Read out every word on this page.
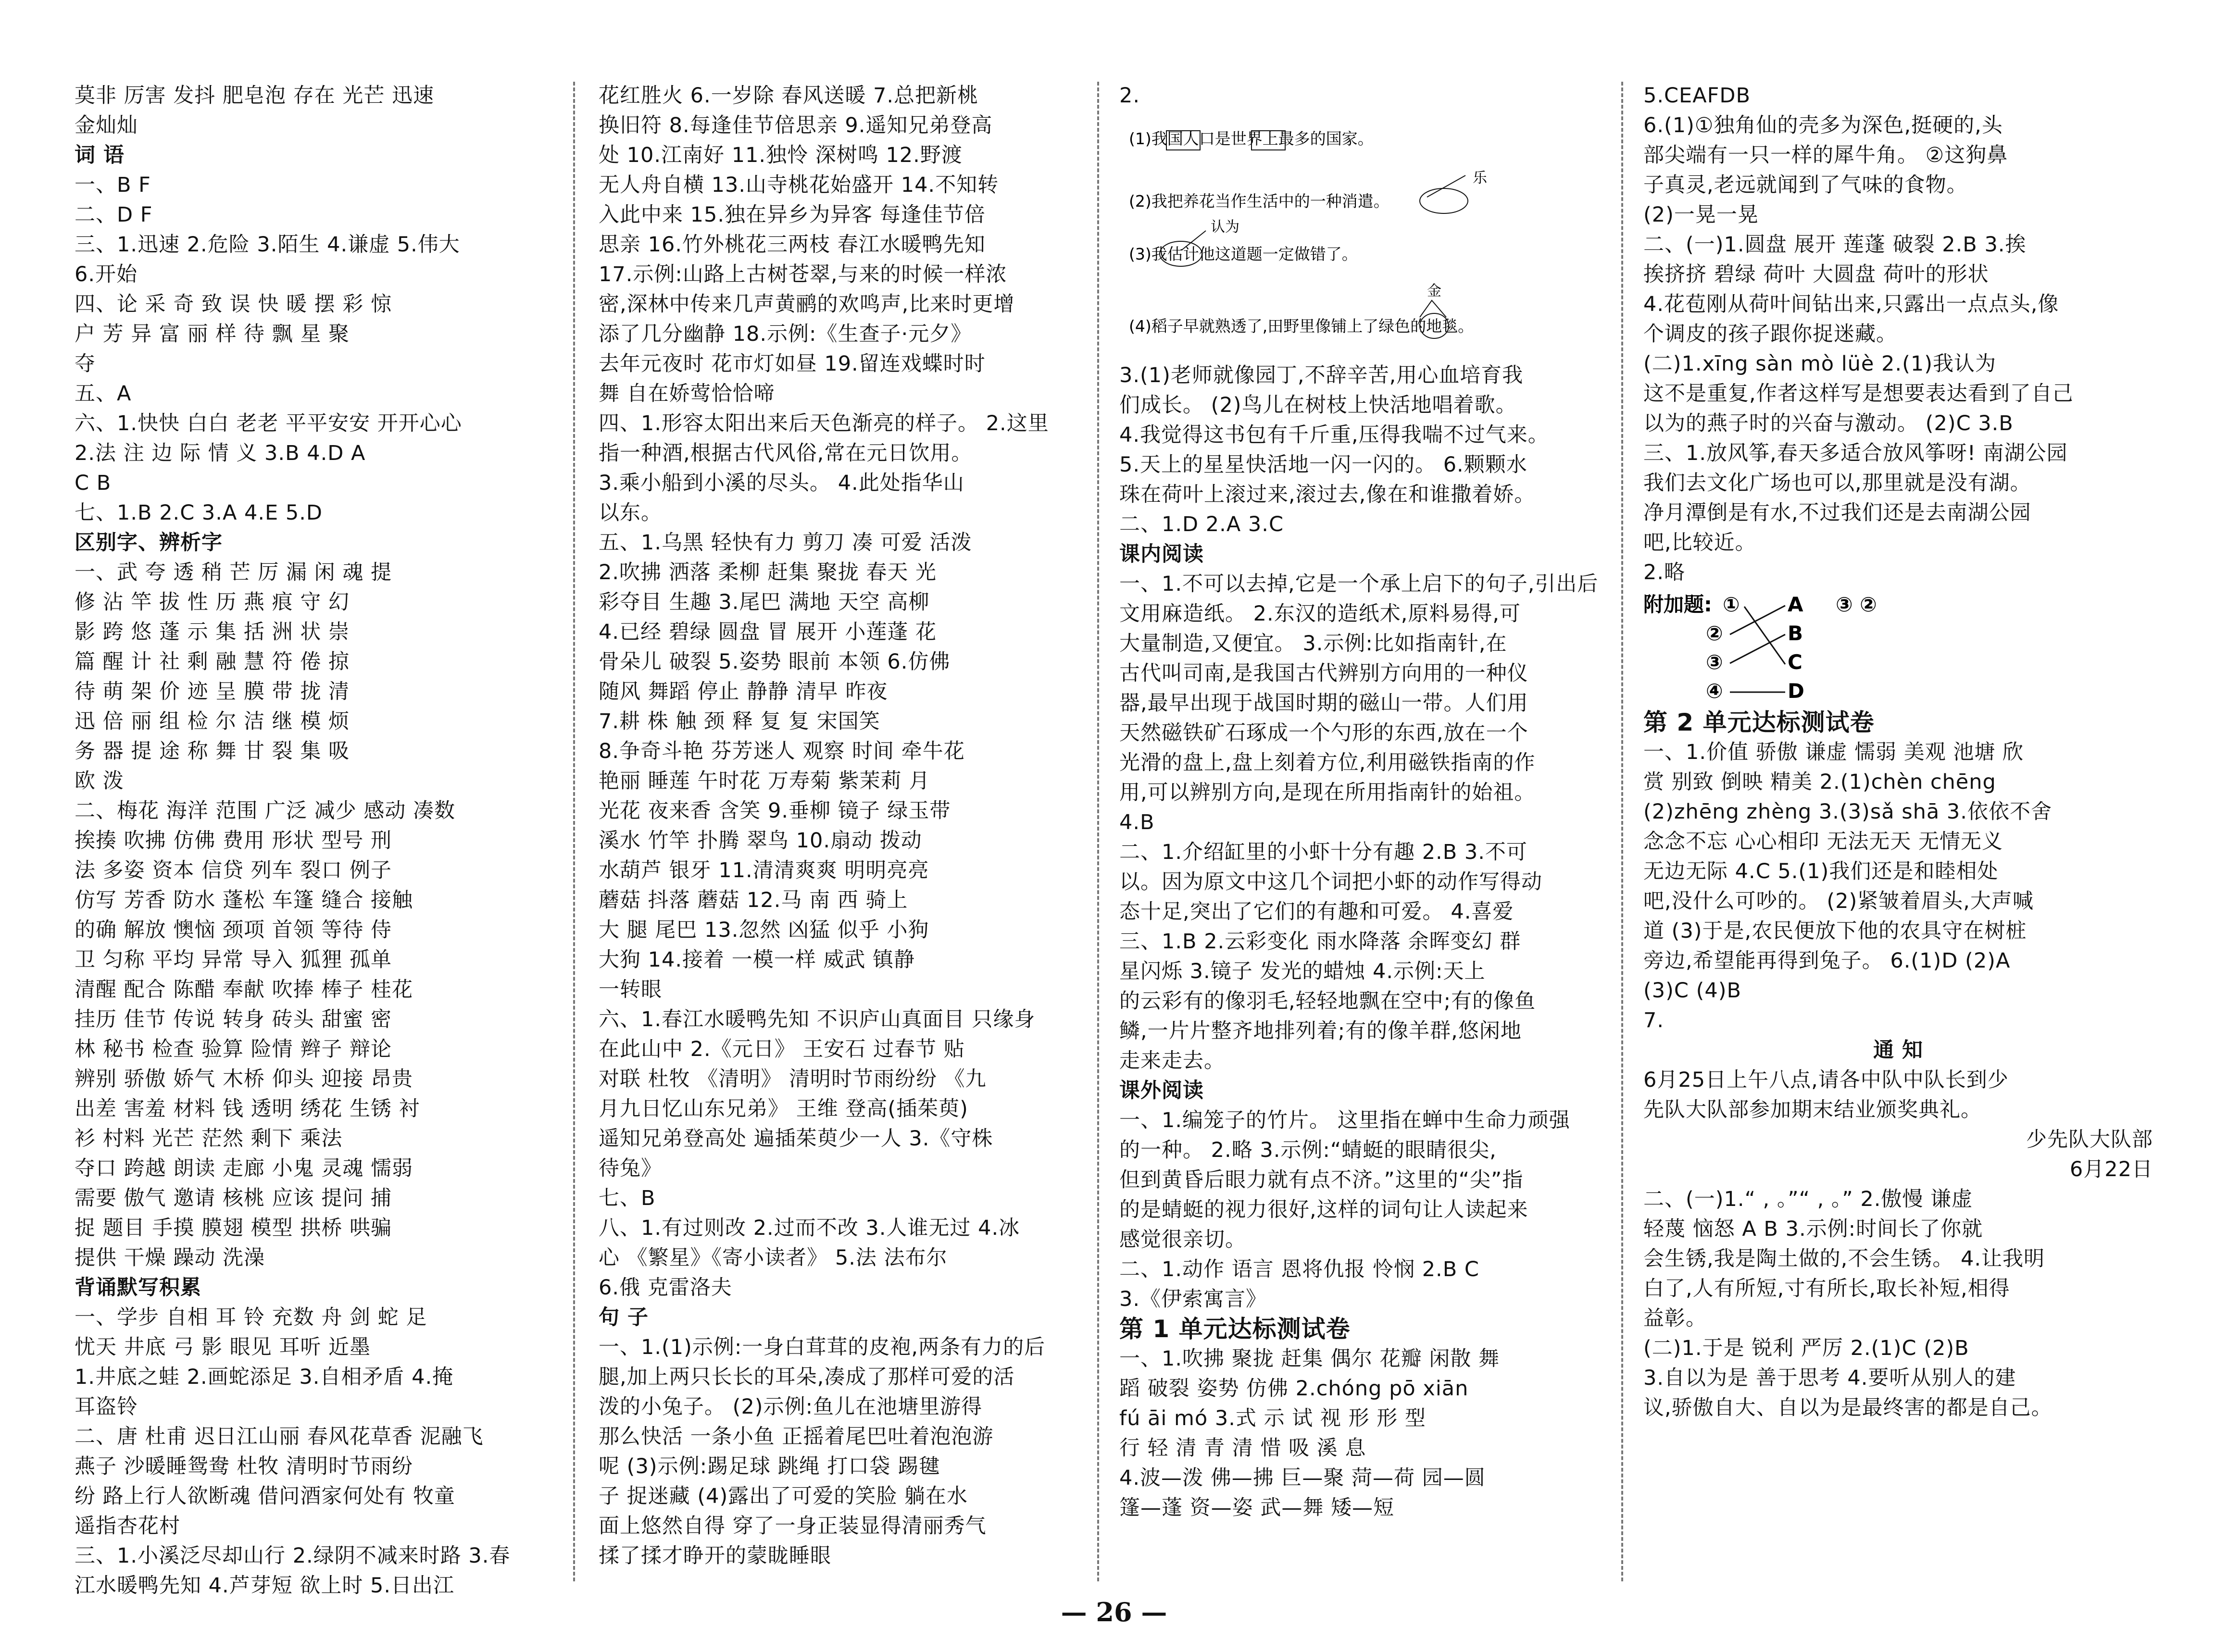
莫非 厉害 发抖 肥皂泡 存在 光芒 迅速

金灿灿

词 语

一、B F

二、D F

三、1.迅速 2.危险 3.陌生 4.谦虚 5.伟大

6.开始

四、论 采 奇 致 误 快 暖 摆 彩 惊

户 芳 异 富 丽 样 待 飘 星 聚

夺

五、A

六、1.快快 白白 老老 平平安安 开开心心

2.法 注 边 际 情 义 3.B 4.D A

C B

七、1.B 2.C 3.A 4.E 5.D

区别字、辨析字

一、武 夸 透 稍 芒 厉 漏 闲 魂 提

修 沾 竿 拔 性 历 燕 痕 守 幻

影 跨 悠 蓬 示 集 括 洲 状 崇

篇 醒 计 社 剩 融 慧 符 倦 掠

待 萌 架 价 迹 呈 膜 带 拢 清

迅 倍 丽 组 检 尔 洁 继 模 烦

务 器 提 途 称 舞 甘 裂 集 吸

欧 泼

二、梅花 海洋 范围 广泛 减少 感动 凑数

挨揍 吹拂 仿佛 费用 形状 型号 刑

法 多姿 资本 信贷 列车 裂口 例子

仿写 芳香 防水 蓬松 车篷 缝合 接触

的确 解放 懊恼 颈项 首领 等待 侍

卫 匀称 平均 异常 导入 狐狸 孤单

清醒 配合 陈醋 奉献 吹捧 棒子 桂花

挂历 佳节 传说 转身 砖头 甜蜜 密

林 秘书 检查 验算 险情 辫子 辩论

辨别 骄傲 娇气 木桥 仰头 迎接 昂贵

出差 害羞 材料 钱 透明 绣花 生锈 衬

衫 村料 光芒 茫然 剩下 乘法

夺口 跨越 朗读 走廊 小鬼 灵魂 懦弱

需要 傲气 邀请 核桃 应该 提问 捕

捉 题目 手摸 膜翅 模型 拱桥 哄骗

提供 干燥 躁动 洗澡

背诵默写积累

一、学步 自相 耳 铃 充数 舟 剑 蛇 足

忧天 井底 弓 影 眼见 耳听 近墨

1.井底之蛙 2.画蛇添足 3.自相矛盾 4.掩

耳盗铃

二、唐 杜甫 迟日江山丽 春风花草香 泥融飞

燕子 沙暖睡鸳鸯 杜牧 清明时节雨纷

纷 路上行人欲断魂 借问酒家何处有 牧童

遥指杏花村

三、1.小溪泛尽却山行 2.绿阴不减来时路 3.春

江水暖鸭先知 4.芦芽短 欲上时 5.日出江

花红胜火 6.一岁除 春风送暖 7.总把新桃

换旧符 8.每逢佳节倍思亲 9.遥知兄弟登高

处 10.江南好 11.独怜 深树鸣 12.野渡

无人舟自横 13.山寺桃花始盛开 14.不知转

入此中来 15.独在异乡为异客 每逢佳节倍

思亲 16.竹外桃花三两枝 春江水暖鸭先知

17.示例:山路上古树苍翠,与来的时候一样浓

密,深林中传来几声黄鹂的欢鸣声,比来时更增

添了几分幽静 18.示例:《生查子·元夕》

去年元夜时 花市灯如昼 19.留连戏蝶时时

舞 自在娇莺恰恰啼

四、1.形容太阳出来后天色渐亮的样子。 2.这里

指一种酒,根据古代风俗,常在元日饮用。

3.乘小船到小溪的尽头。 4.此处指华山

以东。

五、1.乌黑 轻快有力 剪刀 凑 可爱 活泼

2.吹拂 洒落 柔柳 赶集 聚拢 春天 光

彩夺目 生趣 3.尾巴 满地 天空 高柳

4.已经 碧绿 圆盘 冒 展开 小莲蓬 花

骨朵儿 破裂 5.姿势 眼前 本领 6.仿佛

随风 舞蹈 停止 静静 清早 昨夜

7.耕 株 触 颈 释 复 复 宋国笑

8.争奇斗艳 芬芳迷人 观察 时间 牵牛花

艳丽 睡莲 午时花 万寿菊 紫茉莉 月

光花 夜来香 含笑 9.垂柳 镜子 绿玉带

溪水 竹竿 扑腾 翠鸟 10.扇动 拨动

水葫芦 银牙 11.清清爽爽 明明亮亮

蘑菇 抖落 蘑菇 12.马 南 西 骑上

大 腿 尾巴 13.忽然 凶猛 似乎 小狗

大狗 14.接着 一模一样 威武 镇静

一转眼

六、1.春江水暖鸭先知 不识庐山真面目 只缘身

在此山中 2.《元日》 王安石 过春节 贴

对联 杜牧 《清明》 清明时节雨纷纷 《九

月九日忆山东兄弟》 王维 登高(插茱萸)

遥知兄弟登高处 遍插茱萸少一人 3.《守株

待兔》

七、B

八、1.有过则改 2.过而不改 3.人谁无过 4.冰

心 《繁星》《寄小读者》 5.法 法布尔

6.俄 克雷洛夫

句 子

一、1.(1)示例:一身白茸茸的皮袍,两条有力的后

腿,加上两只长长的耳朵,凑成了那样可爱的活

泼的小兔子。 (2)示例:鱼儿在池塘里游得

那么快活 一条小鱼 正摇着尾巴吐着泡泡游

呢 (3)示例:踢足球 跳绳 打口袋 踢毽

子 捉迷藏 (4)露出了可爱的笑脸 躺在水

面上悠然自得 穿了一身正装显得清丽秀气

揉了揉才睁开的蒙眬睡眼

2.

(1)我国人口是世界上最多的国家。
乐
(2)我把养花当作生活中的一种消遣。
认为
(3)我估计他这道题一定做错了。
金
(4)稻子早就熟透了,田野里像铺上了绿色的地毯。

3.(1)老师就像园丁,不辞辛苦,用心血培育我

们成长。 (2)鸟儿在树枝上快活地唱着歌。

4.我觉得这书包有千斤重,压得我喘不过气来。

5.天上的星星快活地一闪一闪的。 6.颗颗水

珠在荷叶上滚过来,滚过去,像在和谁撒着娇。

二、1.D 2.A 3.C

课内阅读

一、1.不可以去掉,它是一个承上启下的句子,引出后

文用麻造纸。 2.东汉的造纸术,原料易得,可

大量制造,又便宜。 3.示例:比如指南针,在

古代叫司南,是我国古代辨别方向用的一种仪

器,最早出现于战国时期的磁山一带。人们用

天然磁铁矿石琢成一个勺形的东西,放在一个

光滑的盘上,盘上刻着方位,利用磁铁指南的作

用,可以辨别方向,是现在所用指南针的始祖。

4.B

二、1.介绍缸里的小虾十分有趣 2.B 3.不可

以。因为原文中这几个词把小虾的动作写得动

态十足,突出了它们的有趣和可爱。 4.喜爱

三、1.B 2.云彩变化 雨水降落 余晖变幻 群

星闪烁 3.镜子 发光的蜡烛 4.示例:天上

的云彩有的像羽毛,轻轻地飘在空中;有的像鱼

鳞,一片片整齐地排列着;有的像羊群,悠闲地

走来走去。

课外阅读

一、1.编笼子的竹片。 这里指在蝉中生命力顽强

的一种。 2.略 3.示例:“蜻蜓的眼睛很尖,

但到黄昏后眼力就有点不济。”这里的“尖”指

的是蜻蜓的视力很好,这样的词句让人读起来

感觉很亲切。

二、1.动作 语言 恩将仇报 怜悯 2.B C

3.《伊索寓言》

第 1 单元达标测试卷

一、1.吹拂 聚拢 赶集 偶尔 花瓣 闲散 舞

蹈 破裂 姿势 仿佛 2.chóng pō xiān

fú āi mó 3.式 示 试 视 形 形 型

行 轻 清 青 清 惜 吸 溪 息

4.波—泼 佛—拂 巨—聚 菏—荷 园—圆

篷—蓬 资—姿 武—舞 矮—短

5.CEAFDB

6.(1)①独角仙的壳多为深色,挺硬的,头

部尖端有一只一样的犀牛角。 ②这狗鼻

子真灵,老远就闻到了气味的食物。

(2)一晃一晃

二、(一)1.圆盘 展开 莲蓬 破裂 2.B 3.挨

挨挤挤 碧绿 荷叶 大圆盘 荷叶的形状

4.花苞刚从荷叶间钻出来,只露出一点点头,像

个调皮的孩子跟你捉迷藏。

(二)1.xīng sàn mò lüè 2.(1)我认为

这不是重复,作者这样写是想要表达看到了自己

以为的燕子时的兴奋与激动。 (2)C 3.B

三、1.放风筝,春天多适合放风筝呀! 南湖公园

我们去文化广场也可以,那里就是没有湖。

净月潭倒是有水,不过我们还是去南湖公园

吧,比较近。

2.略

附加题: ①
②
③
④
A
B
C
D
③ ②

第 2 单元达标测试卷

一、1.价值 骄傲 谦虚 懦弱 美观 池塘 欣

赏 别致 倒映 精美 2.(1)chèn chēng

(2)zhēng zhèng 3.(3)sǎ shā 3.依依不舍

念念不忘 心心相印 无法无天 无情无义

无边无际 4.C 5.(1)我们还是和睦相处

吧,没什么可吵的。 (2)紧皱着眉头,大声喊

道 (3)于是,农民便放下他的农具守在树桩

旁边,希望能再得到兔子。 6.(1)D (2)A

(3)C (4)B

7.

通 知

6月25日上午八点,请各中队中队长到少

先队大队部参加期末结业颁奖典礼。

少先队大队部

6月22日

二、(一)1.“ , 。”“ , 。” 2.傲慢 谦虚

轻蔑 恼怒 A B 3.示例:时间长了你就

会生锈,我是陶土做的,不会生锈。 4.让我明

白了,人有所短,寸有所长,取长补短,相得

益彰。

(二)1.于是 锐利 严厉 2.(1)C (2)B

3.自以为是 善于思考 4.要听从别人的建

议,骄傲自大、自以为是最终害的都是自己。

— 26 —
